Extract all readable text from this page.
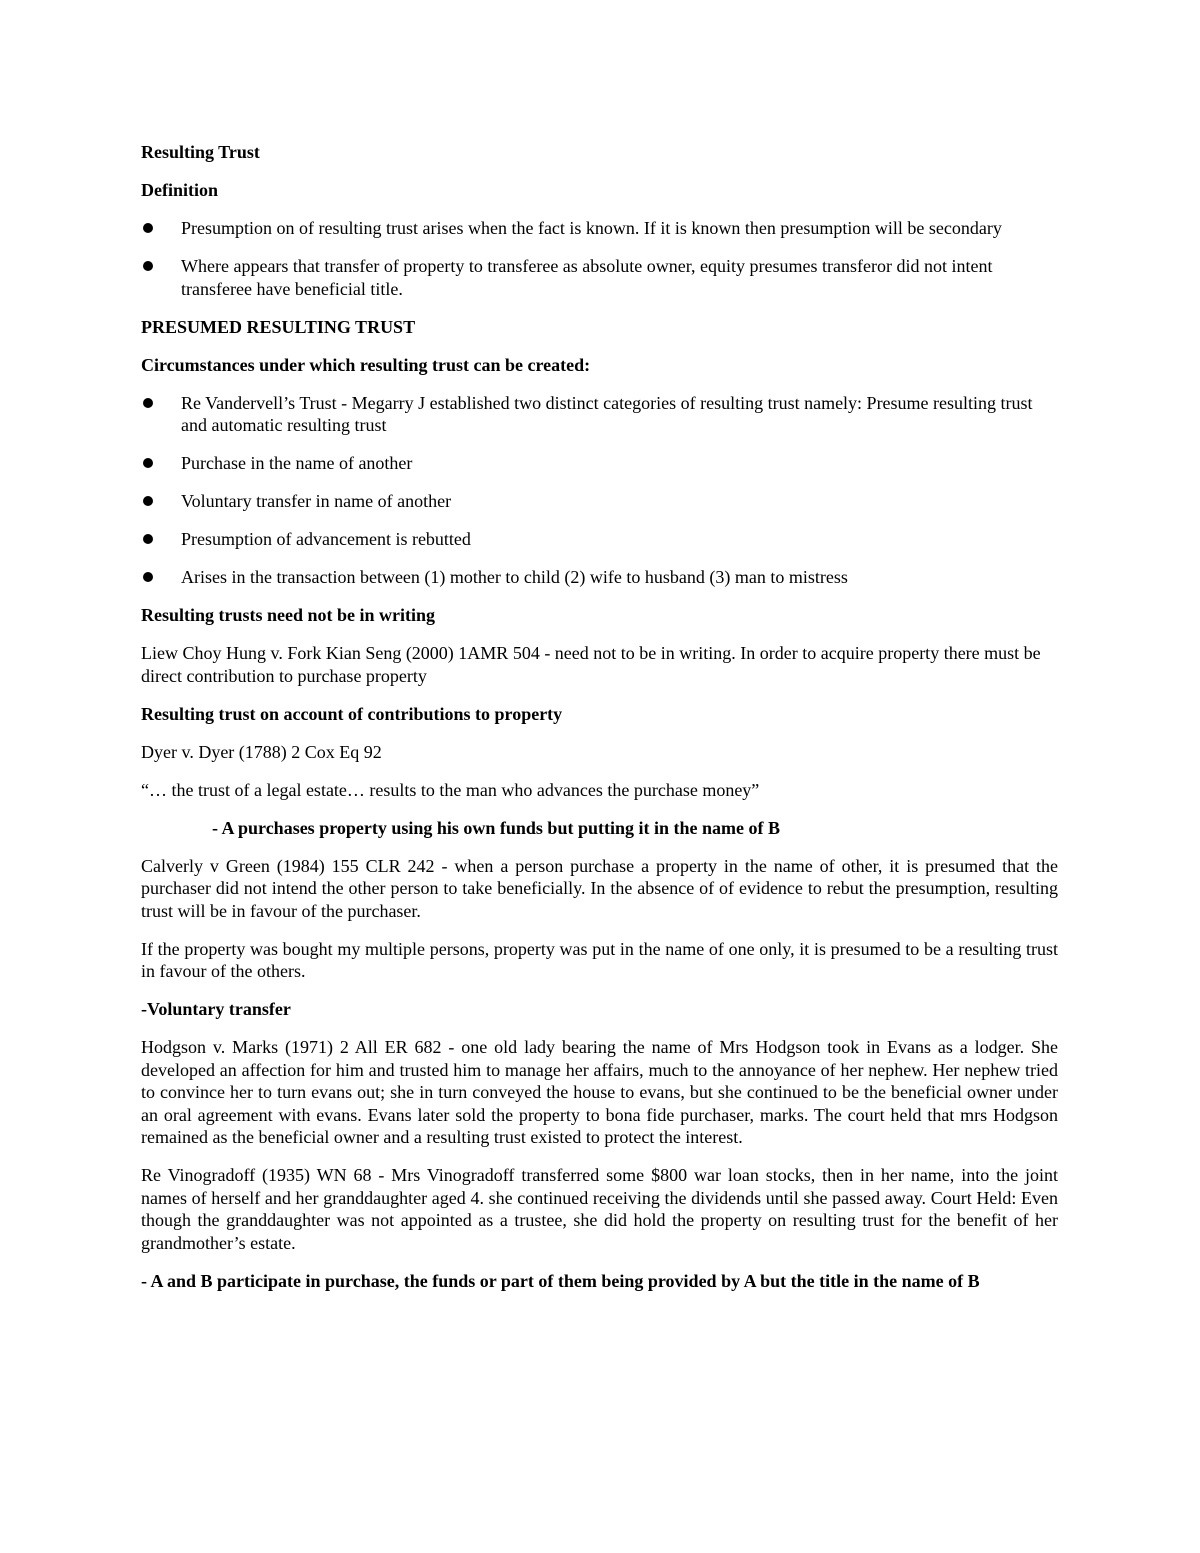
Resulting Trust
Definition
Presumption on of resulting trust arises when the fact is known. If it is known then presumption will be secondary
Where appears that transfer of property to transferee as absolute owner, equity presumes transferor did not intent transferee have beneficial title.
PRESUMED RESULTING TRUST
Circumstances under which resulting trust can be created:
Re Vandervell’s Trust - Megarry J established two distinct categories of resulting trust namely: Presume resulting trust and automatic resulting trust
Purchase in the name of another
Voluntary transfer in name of another
Presumption of advancement is rebutted
Arises in the transaction between (1) mother to child (2) wife to husband (3) man to mistress
Resulting trusts need not be in writing
Liew Choy Hung v. Fork Kian Seng (2000) 1AMR 504 - need not to be in writing. In order to acquire property there must be direct contribution to purchase property
Resulting trust on account of contributions to property
Dyer v. Dyer (1788) 2 Cox Eq 92
“… the trust of a legal estate… results to the man who advances the purchase money”
- A purchases property using his own funds but putting it in the name of B
Calverly v Green (1984) 155 CLR 242 - when a person purchase a property in the name of other, it is presumed that the purchaser did not intend the other person to take beneficially. In the absence of of evidence to rebut the presumption, resulting trust will be in favour of the purchaser.
If the property was bought my multiple persons, property was put in the name of one only, it is presumed to be a resulting trust in favour of the others.
-Voluntary transfer
Hodgson v. Marks (1971) 2 All ER 682 - one old lady bearing the name of Mrs Hodgson took in Evans as a lodger. She developed an affection for him and trusted him to manage her affairs, much to the annoyance of her nephew. Her nephew tried to convince her to turn evans out; she in turn conveyed the house to evans, but she continued to be the beneficial owner under an oral agreement with evans. Evans later sold the property to bona fide purchaser, marks. The court held that mrs Hodgson remained as the beneficial owner and a resulting trust existed to protect the interest.
Re Vinogradoff (1935) WN 68 - Mrs Vinogradoff transferred some $800 war loan stocks, then in her name, into the joint names of herself and her granddaughter aged 4. she continued receiving the dividends until she passed away. Court Held: Even though the granddaughter was not appointed as a trustee, she did hold the property on resulting trust for the benefit of her grandmother’s estate.
- A and B participate in purchase, the funds or part of them being provided by A but the title in the name of B
